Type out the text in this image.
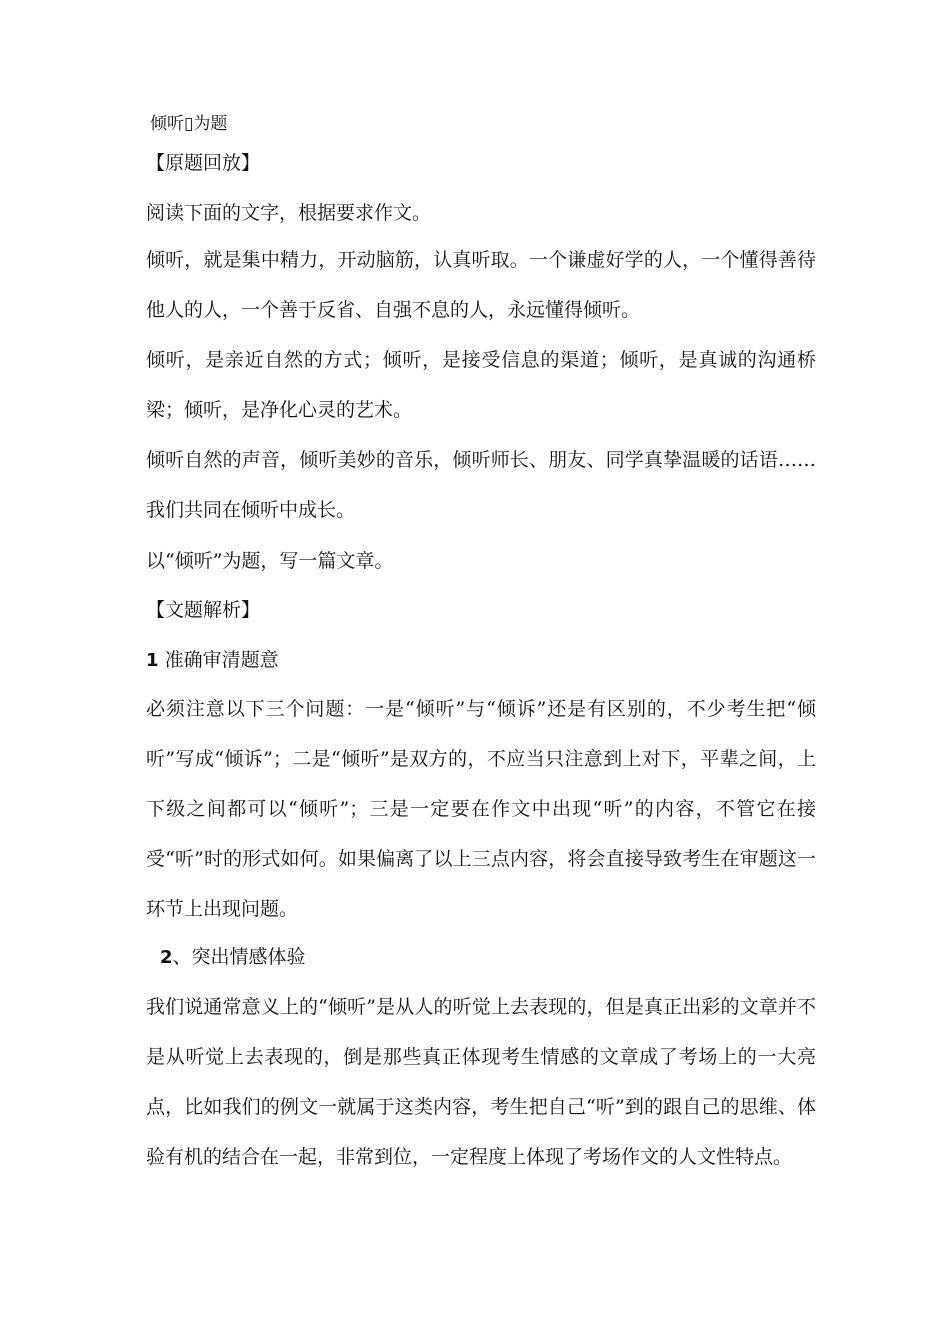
倾听▯为题
【原题回放】
阅读下面的文字，根据要求作文。
倾听，就是集中精力，开动脑筋，认真听取。一个谦虚好学的人，一个懂得善待他人的人，一个善于反省、自强不息的人，永远懂得倾听。
倾听，是亲近自然的方式；倾听，是接受信息的渠道；倾听，是真诚的沟通桥梁；倾听，是净化心灵的艺术。
倾听自然的声音，倾听美妙的音乐，倾听师长、朋友、同学真挚温暖的话语……我们共同在倾听中成长。
以“倾听”为题，写一篇文章。
【文题解析】
1 准确审清题意
必须注意以下三个问题：一是“倾听”与“倾诉”还是有区别的，不少考生把“倾听”写成“倾诉”；二是“倾听”是双方的，不应当只注意到上对下，平辈之间，上下级之间都可以“倾听”；三是一定要在作文中出现“听”的内容，不管它在接受“听”时的形式如何。如果偏离了以上三点内容，将会直接导致考生在审题这一环节上出现问题。
2、突出情感体验
我们说通常意义上的“倾听”是从人的听觉上去表现的，但是真正出彩的文章并不是从听觉上去表现的，倒是那些真正体现考生情感的文章成了考场上的一大亮点，比如我们的例文一就属于这类内容，考生把自己“听”到的跟自己的思维、体验有机的结合在一起，非常到位，一定程度上体现了考场作文的人文性特点。
